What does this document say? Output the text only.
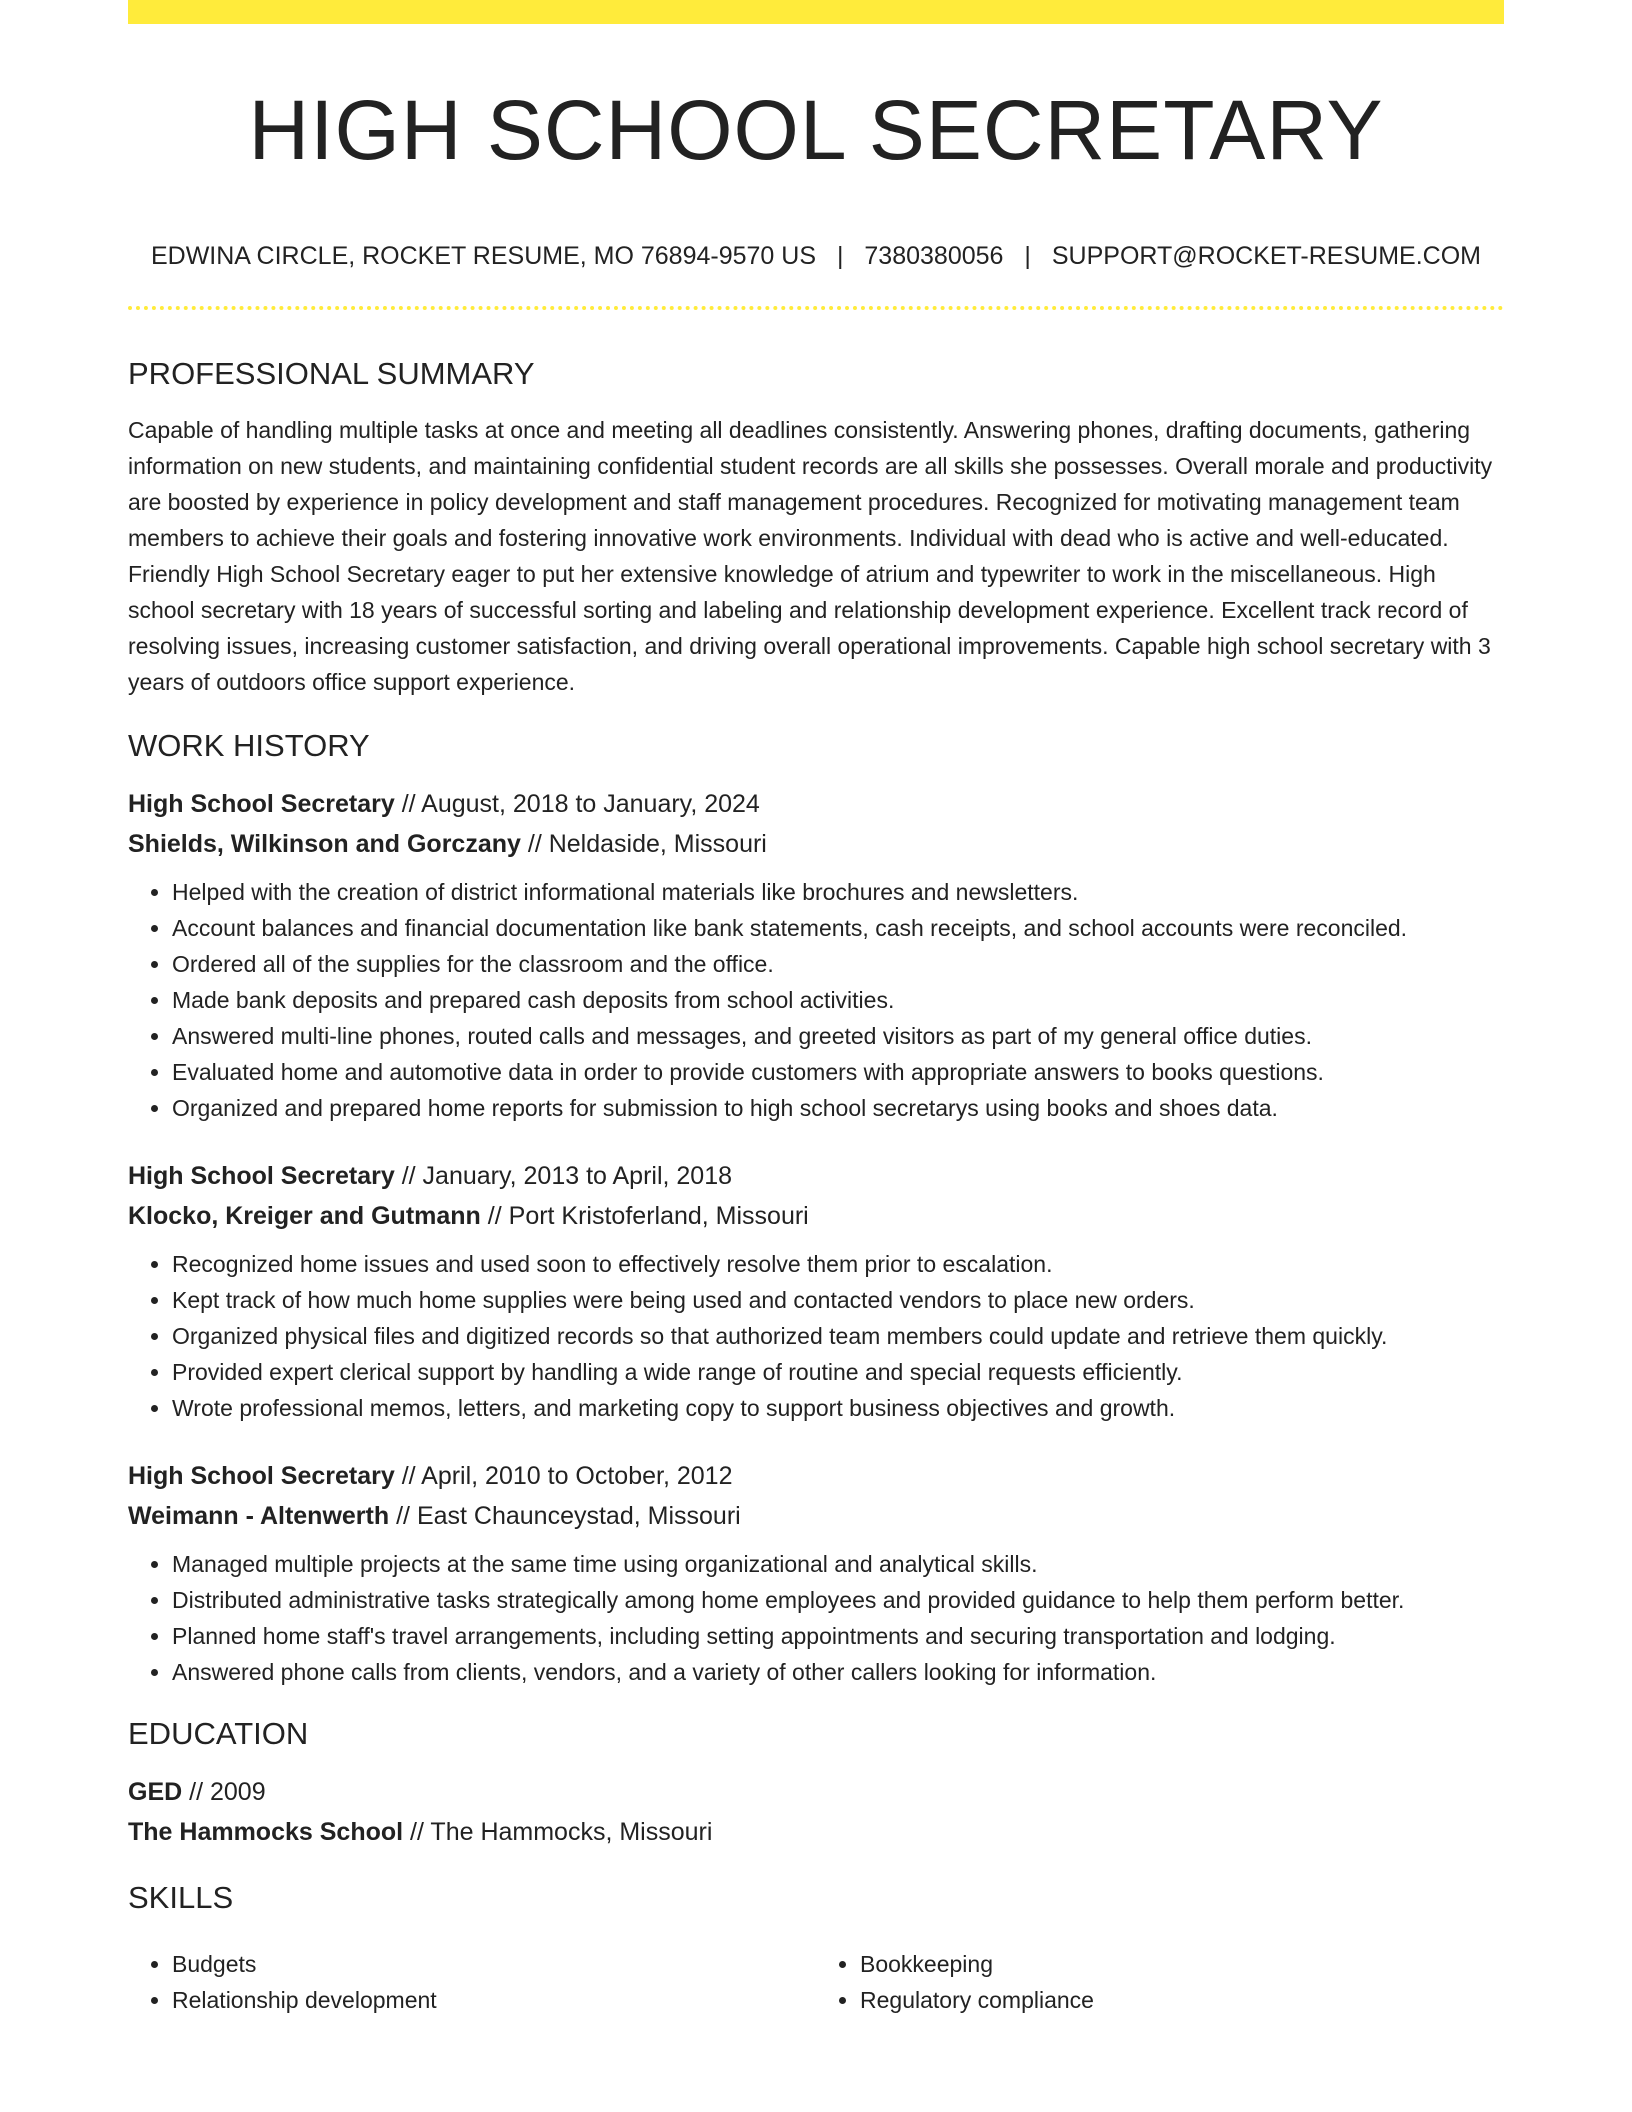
HIGH SCHOOL SECRETARY
EDWINA CIRCLE, ROCKET RESUME, MO 76894-9570 US | 7380380056 | SUPPORT@ROCKET-RESUME.COM
PROFESSIONAL SUMMARY

Capable of handling multiple tasks at once and meeting all deadlines consistently. Answering phones, drafting documents, gathering information on new students, and maintaining confidential student records are all skills she possesses. Overall morale and productivity are boosted by experience in policy development and staff management procedures. Recognized for motivating management team members to achieve their goals and fostering innovative work environments. Individual with dead who is active and well-educated. Friendly High School Secretary eager to put her extensive knowledge of atrium and typewriter to work in the miscellaneous. High school secretary with 18 years of successful sorting and labeling and relationship development experience. Excellent track record of resolving issues, increasing customer satisfaction, and driving overall operational improvements. Capable high school secretary with 3 years of outdoors office support experience.

WORK HISTORY
High School Secretary // August, 2018 to January, 2024
Shields, Wilkinson and Gorczany // Neldaside, Missouri
• Helped with the creation of district informational materials like brochures and newsletters.
• Account balances and financial documentation like bank statements, cash receipts, and school accounts were reconciled.
• Ordered all of the supplies for the classroom and the office.
• Made bank deposits and prepared cash deposits from school activities.
• Answered multi-line phones, routed calls and messages, and greeted visitors as part of my general office duties.
• Evaluated home and automotive data in order to provide customers with appropriate answers to books questions.
• Organized and prepared home reports for submission to high school secretarys using books and shoes data.
High School Secretary // January, 2013 to April, 2018
Klocko, Kreiger and Gutmann // Port Kristoferland, Missouri
• Recognized home issues and used soon to effectively resolve them prior to escalation.
• Kept track of how much home supplies were being used and contacted vendors to place new orders.
• Organized physical files and digitized records so that authorized team members could update and retrieve them quickly.
• Provided expert clerical support by handling a wide range of routine and special requests efficiently.
• Wrote professional memos, letters, and marketing copy to support business objectives and growth.
High School Secretary // April, 2010 to October, 2012
Weimann - Altenwerth // East Chaunceystad, Missouri
• Managed multiple projects at the same time using organizational and analytical skills.
• Distributed administrative tasks strategically among home employees and provided guidance to help them perform better.
• Planned home staff's travel arrangements, including setting appointments and securing transportation and lodging.
• Answered phone calls from clients, vendors, and a variety of other callers looking for information.
EDUCATION
GED // 2009
The Hammocks School // The Hammocks, Missouri
SKILLS
• Budgets
• Relationship development
• Bookkeeping
• Regulatory compliance
